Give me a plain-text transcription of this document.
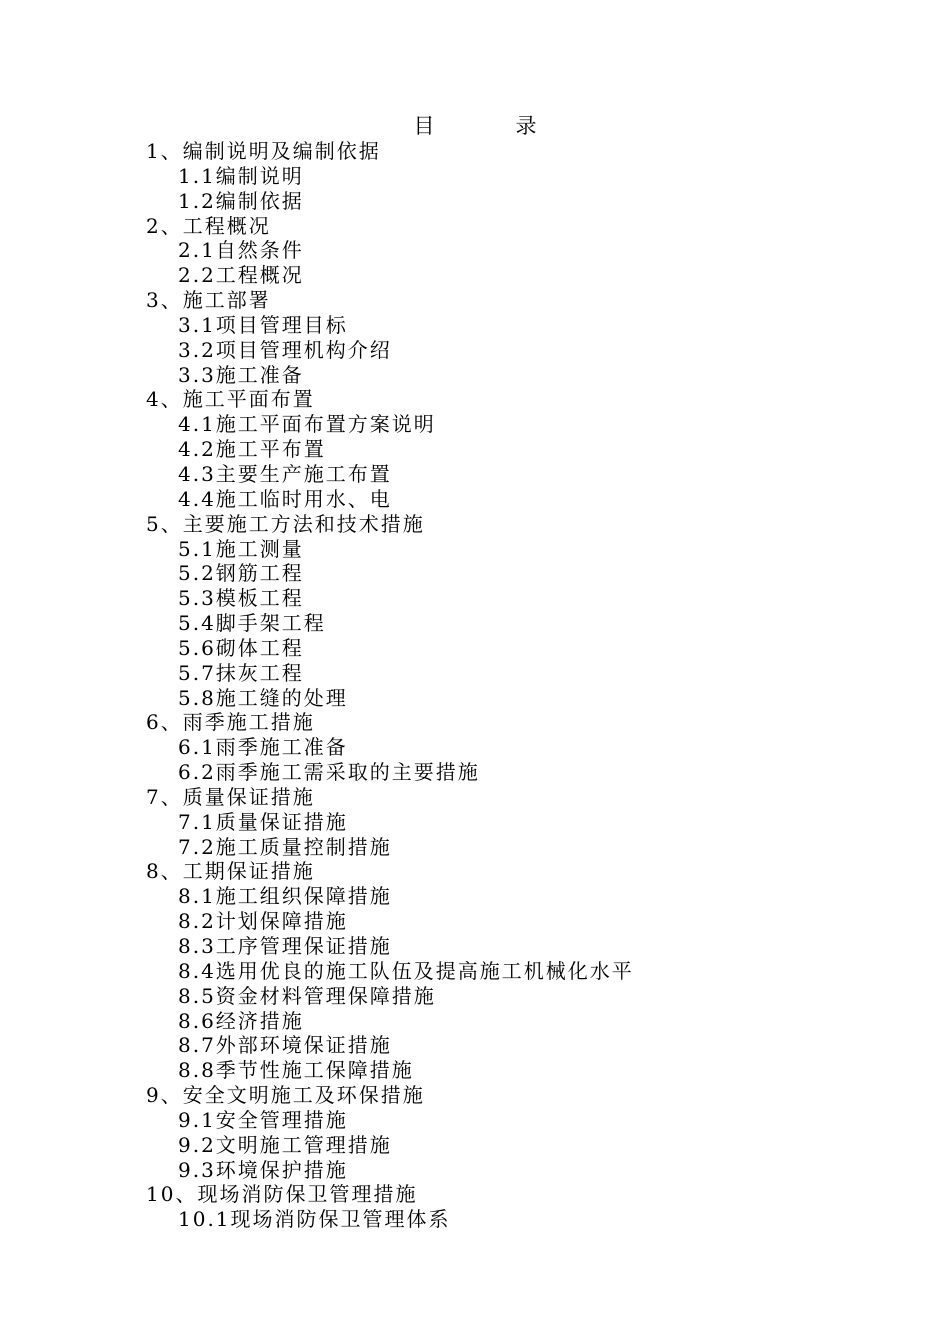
目　录
1、编制说明及编制依据
1.1编制说明
1.2编制依据
2、工程概况
2.1自然条件
2.2工程概况
3、施工部署
3.1项目管理目标
3.2项目管理机构介绍
3.3施工准备
4、施工平面布置
4.1施工平面布置方案说明
4.2施工平布置
4.3主要生产施工布置
4.4施工临时用水、电
5、主要施工方法和技术措施
5.1施工测量
5.2钢筋工程
5.3模板工程
5.4脚手架工程
5.6砌体工程
5.7抹灰工程
5.8施工缝的处理
6、雨季施工措施
6.1雨季施工准备
6.2雨季施工需采取的主要措施
7、质量保证措施
7.1质量保证措施
7.2施工质量控制措施
8、工期保证措施
8.1施工组织保障措施
8.2计划保障措施
8.3工序管理保证措施
8.4选用优良的施工队伍及提高施工机械化水平
8.5资金材料管理保障措施
8.6经济措施
8.7外部环境保证措施
8.8季节性施工保障措施
9、安全文明施工及环保措施
9.1安全管理措施
9.2文明施工管理措施
9.3环境保护措施
10、现场消防保卫管理措施
10.1现场消防保卫管理体系
